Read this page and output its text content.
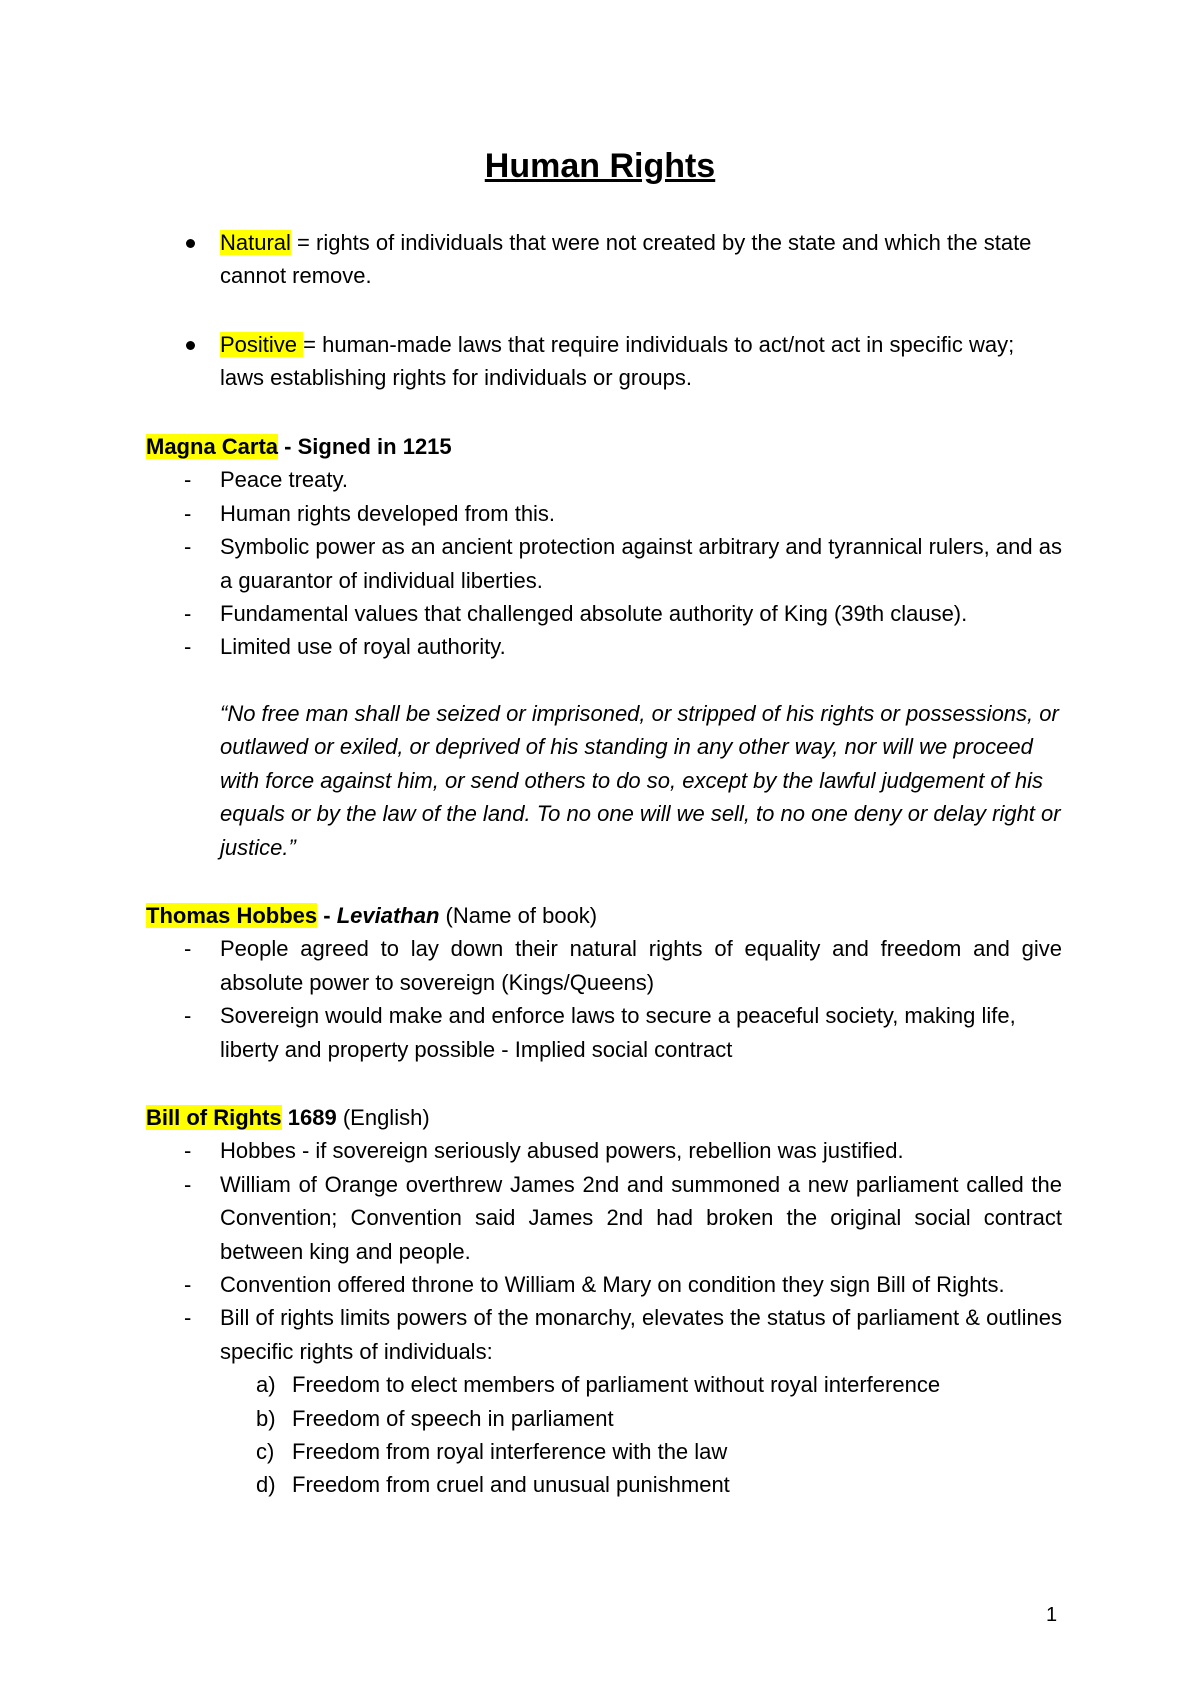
Human Rights
Natural = rights of individuals that were not created by the state and which the state cannot remove.
Positive = human-made laws that require individuals to act/not act in specific way; laws establishing rights for individuals or groups.
Magna Carta - Signed in 1215
- Peace treaty.
- Human rights developed from this.
- Symbolic power as an ancient protection against arbitrary and tyrannical rulers, and as a guarantor of individual liberties.
- Fundamental values that challenged absolute authority of King (39th clause).
- Limited use of royal authority.
“No free man shall be seized or imprisoned, or stripped of his rights or possessions, or outlawed or exiled, or deprived of his standing in any other way, nor will we proceed with force against him, or send others to do so, except by the lawful judgement of his equals or by the law of the land. To no one will we sell, to no one deny or delay right or justice.”
Thomas Hobbes - Leviathan (Name of book)
- People agreed to lay down their natural rights of equality and freedom and give absolute power to sovereign (Kings/Queens)
- Sovereign would make and enforce laws to secure a peaceful society, making life, liberty and property possible - Implied social contract
Bill of Rights 1689 (English)
- Hobbes - if sovereign seriously abused powers, rebellion was justified.
- William of Orange overthrew James 2nd and summoned a new parliament called the Convention; Convention said James 2nd had broken the original social contract between king and people.
- Convention offered throne to William & Mary on condition they sign Bill of Rights.
- Bill of rights limits powers of the monarchy, elevates the status of parliament & outlines specific rights of individuals:
a) Freedom to elect members of parliament without royal interference
b) Freedom of speech in parliament
c) Freedom from royal interference with the law
d) Freedom from cruel and unusual punishment
1
